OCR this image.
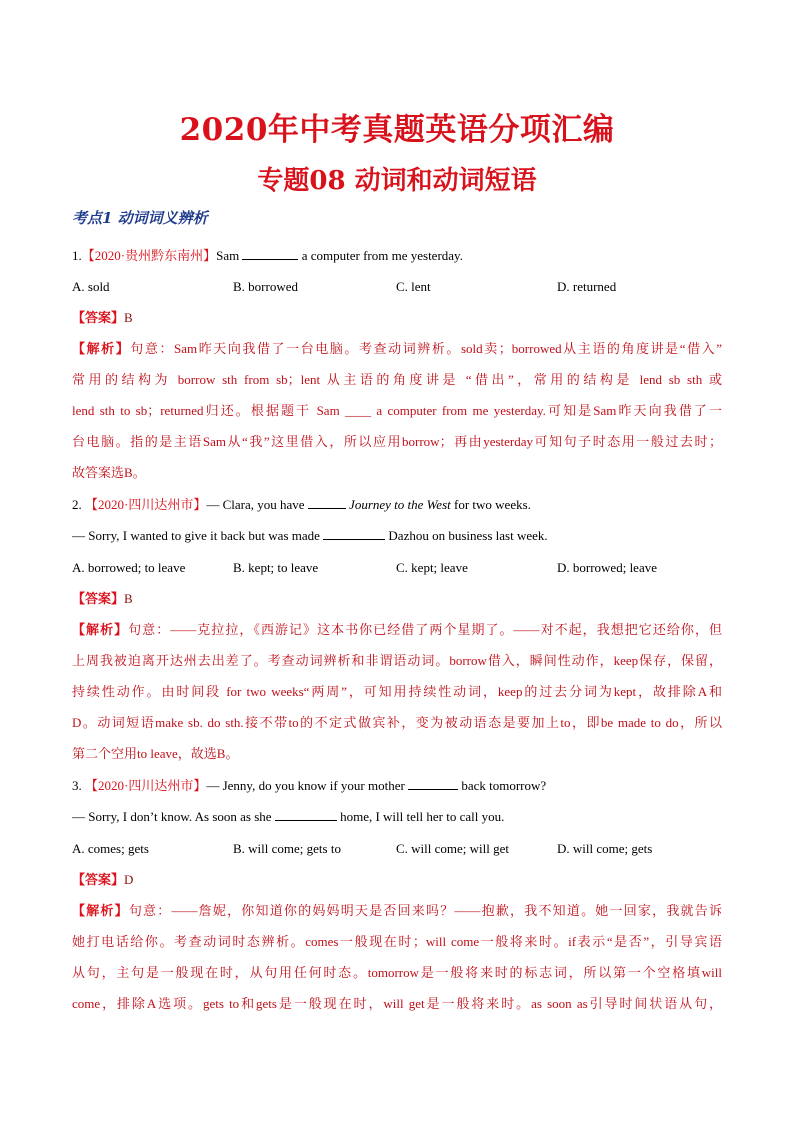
2020年中考真题英语分项汇编
专题08 动词和动词短语
考点1 动词词义辨析
1.【2020·贵州黔东南州】Sam	a computer from me yesterday.
A. sold	B. borrowed	C. lent	D. returned
【答案】B
【解析】句意：Sam昨天向我借了一台电脑。考查动词辨析。sold卖；borrowed从主语的角度讲是“借入”
常用的结构为 borrow sth from sb；lent 从主语的角度讲是 “借出”，常用的结构是 lend sb sth 或
lend sth to sb；returned归还。根据题干 Sam ____ a computer from me yesterday.可知是Sam昨天向我借了一
台电脑。指的是主语Sam从“我”这里借入，所以应用borrow；再由yesterday可知句子时态用一般过去时；
故答案选B。
2. 【2020·四川达州市】— Clara, you have	Journey to the West for two weeks.
— Sorry, I wanted to give it back but was made	Dazhou on business last week.
A. borrowed; to leave	B. kept; to leave	C. kept; leave	D. borrowed; leave
【答案】B
【解析】句意：——克拉拉，《西游记》这本书你已经借了两个星期了。——对不起，我想把它还给你，但
上周我被迫离开达州去出差了。考查动词辨析和非谓语动词。borrow借入，瞬间性动作，keep保存，保留，
持续性动作。由时间段 for two weeks“两周”，可知用持续性动词，keep的过去分词为kept，故排除A和
D。动词短语make sb. do sth.接不带to的不定式做宾补，变为被动语态是要加上to，即be made to do，所以
第二个空用to leave，故选B。
3. 【2020·四川达州市】— Jenny, do you know if your mother	back tomorrow?
— Sorry, I don’t know. As soon as she	home, I will tell her to call you.
A. comes; gets	B. will come; gets to	C. will come; will get	D. will come; gets
【答案】D
【解析】句意：——詹妮，你知道你的妈妈明天是否回来吗？——抱歉，我不知道。她一回家，我就告诉
她打电话给你。考查动词时态辨析。comes一般现在时；will come一般将来时。if表示“是否”，引导宾语
从句，主句是一般现在时，从句用任何时态。tomorrow是一般将来时的标志词，所以第一个空格填will
come，排除A选项。gets to和gets是一般现在时，will get是一般将来时。as soon as引导时间状语从句，
